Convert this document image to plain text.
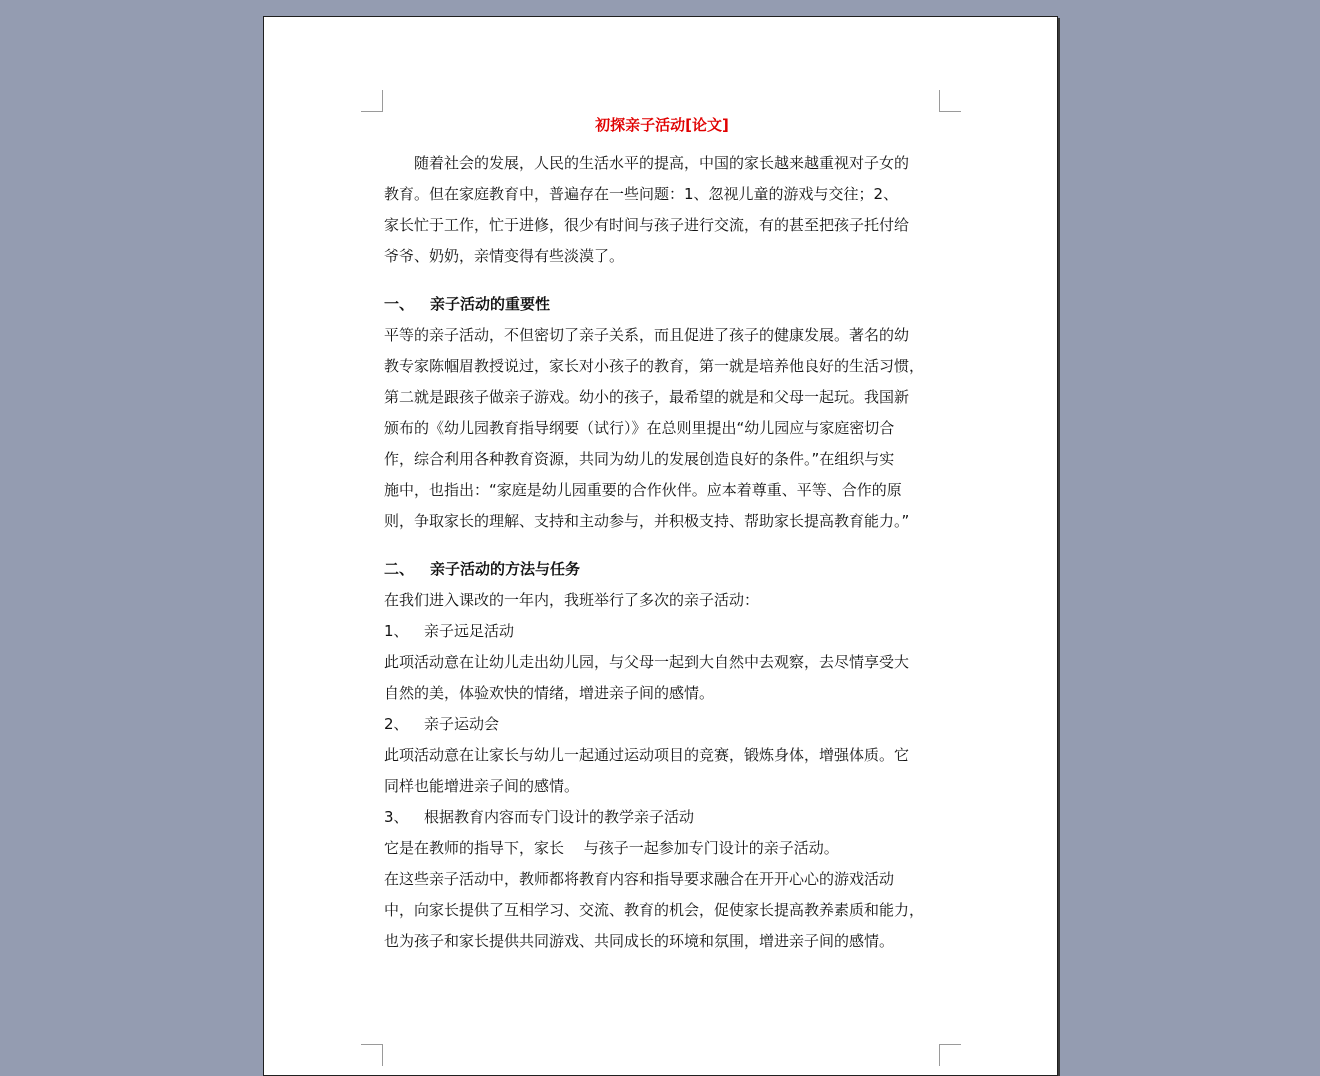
初探亲子活动[论文]

随着社会的发展，人民的生活水平的提高，中国的家长越来越重视对子女的
教育。但在家庭教育中，普遍存在一些问题：1、忽视儿童的游戏与交往；2、
家长忙于工作，忙于进修，很少有时间与孩子进行交流，有的甚至把孩子托付给
爷爷、奶奶，亲情变得有些淡漠了。

一、 亲子活动的重要性

平等的亲子活动，不但密切了亲子关系，而且促进了孩子的健康发展。著名的幼
教专家陈帼眉教授说过，家长对小孩子的教育，第一就是培养他良好的生活习惯，
第二就是跟孩子做亲子游戏。幼小的孩子，最希望的就是和父母一起玩。我国新
颁布的《幼儿园教育指导纲要（试行）》在总则里提出“幼儿园应与家庭密切合
作，综合利用各种教育资源，共同为幼儿的发展创造良好的条件。”在组织与实
施中，也指出：“家庭是幼儿园重要的合作伙伴。应本着尊重、平等、合作的原
则，争取家长的理解、支持和主动参与，并积极支持、帮助家长提高教育能力。”

二、 亲子活动的方法与任务

在我们进入课改的一年内，我班举行了多次的亲子活动：

1、 亲子远足活动
此项活动意在让幼儿走出幼儿园，与父母一起到大自然中去观察，去尽情享受大
自然的美，体验欢快的情绪，增进亲子间的感情。
2、 亲子运动会
此项活动意在让家长与幼儿一起通过运动项目的竞赛，锻炼身体，增强体质。它
同样也能增进亲子间的感情。
3、 根据教育内容而专门设计的教学亲子活动
它是在教师的指导下，家长　 与孩子一起参加专门设计的亲子活动。
在这些亲子活动中，教师都将教育内容和指导要求融合在开开心心的游戏活动
中，向家长提供了互相学习、交流、教育的机会，促使家长提高教养素质和能力，
也为孩子和家长提供共同游戏、共同成长的环境和氛围，增进亲子间的感情。
